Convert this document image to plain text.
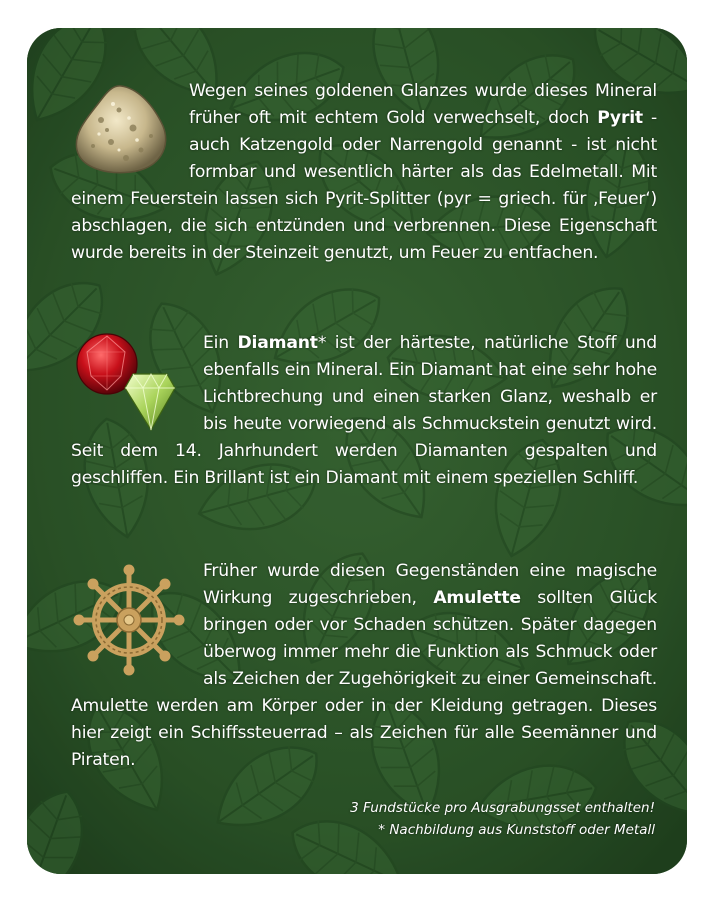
Wegen seines goldenen Glanzes wurde dieses Mineral früher oft mit echtem Gold verwechselt, doch Pyrit - auch Katzengold oder Narrengold genannt - ist nicht formbar und wesentlich härter als das Edelmetall. Mit einem Feuerstein lassen sich Pyrit-Splitter (pyr = griech. für ‚Feuer‘) abschlagen, die sich entzünden und verbrennen. Diese Eigenschaft wurde bereits in der Steinzeit genutzt, um Feuer zu entfachen.

Ein Diamant* ist der härteste, natürliche Stoff und ebenfalls ein Mineral. Ein Diamant hat eine sehr hohe Lichtbrechung und einen starken Glanz, weshalb er bis heute vorwiegend als Schmuckstein genutzt wird. Seit dem 14. Jahrhundert werden Diamanten gespalten und geschliffen. Ein Brillant ist ein Diamant mit einem speziellen Schliff.

Früher wurde diesen Gegenständen eine magische Wirkung zugeschrieben, Amulette sollten Glück bringen oder vor Schaden schützen. Später dagegen überwog immer mehr die Funktion als Schmuck oder als Zeichen der Zugehörigkeit zu einer Gemeinschaft. Amulette werden am Körper oder in der Kleidung getragen. Dieses hier zeigt ein Schiffssteuerrad – als Zeichen für alle Seemänner und Piraten.

3 Fundstücke pro Ausgrabungsset enthalten!
* Nachbildung aus Kunststoff oder Metall
